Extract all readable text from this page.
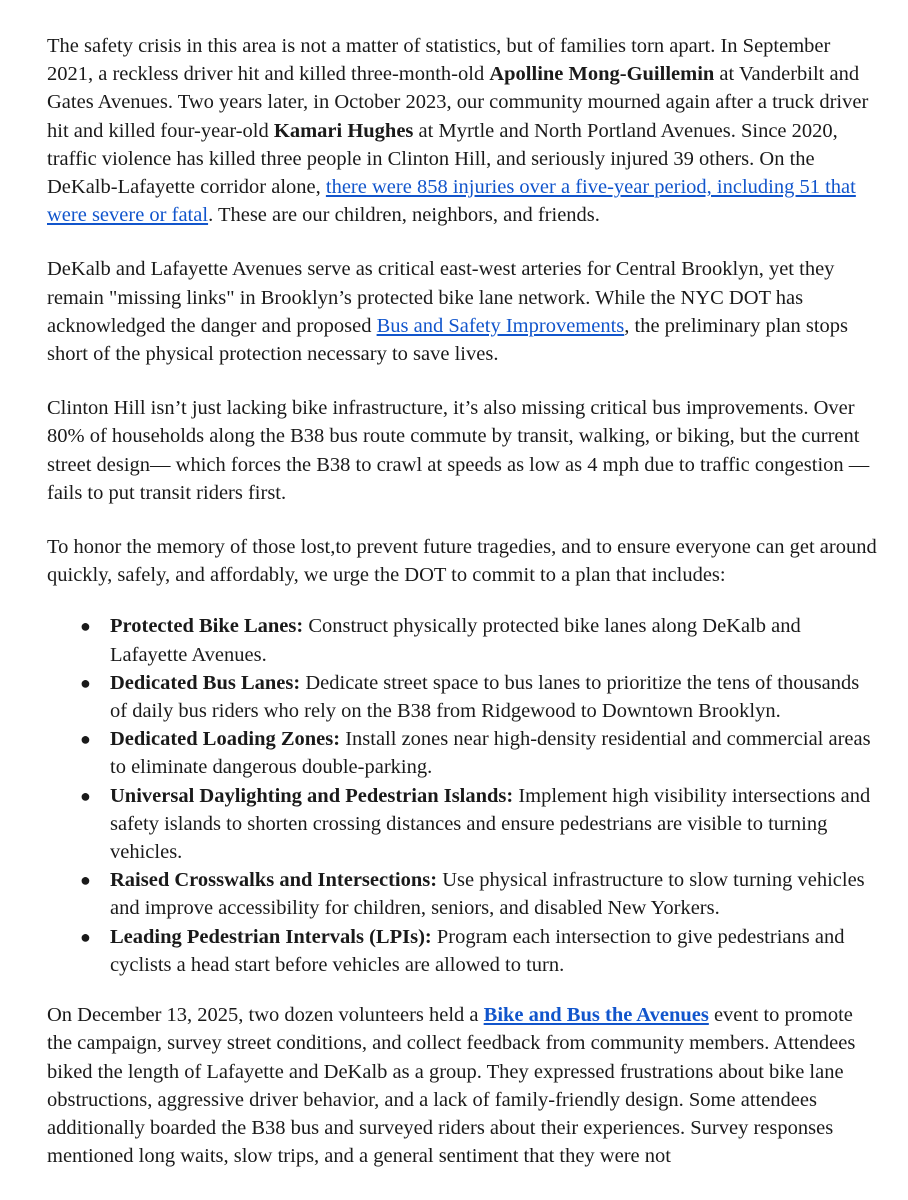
The safety crisis in this area is not a matter of statistics, but of families torn apart. In September 2021, a reckless driver hit and killed three-month-old Apolline Mong-Guillemin at Vanderbilt and Gates Avenues. Two years later, in October 2023, our community mourned again after a truck driver hit and killed four-year-old Kamari Hughes at Myrtle and North Portland Avenues. Since 2020, traffic violence has killed three people in Clinton Hill, and seriously injured 39 others. On the DeKalb-Lafayette corridor alone, there were 858 injuries over a five-year period, including 51 that were severe or fatal. These are our children, neighbors, and friends.

DeKalb and Lafayette Avenues serve as critical east-west arteries for Central Brooklyn, yet they remain "missing links" in Brooklyn’s protected bike lane network. While the NYC DOT has acknowledged the danger and proposed Bus and Safety Improvements, the preliminary plan stops short of the physical protection necessary to save lives.

Clinton Hill isn’t just lacking bike infrastructure, it’s also missing critical bus improvements. Over 80% of households along the B38 bus route commute by transit, walking, or biking, but the current street design— which forces the B38 to crawl at speeds as low as 4 mph due to traffic congestion — fails to put transit riders first.

To honor the memory of those lost,to prevent future tragedies, and to ensure everyone can get around quickly, safely, and affordably, we urge the DOT to commit to a plan that includes:

● Protected Bike Lanes: Construct physically protected bike lanes along DeKalb and Lafayette Avenues.
● Dedicated Bus Lanes: Dedicate street space to bus lanes to prioritize the tens of thousands of daily bus riders who rely on the B38 from Ridgewood to Downtown Brooklyn.
● Dedicated Loading Zones: Install zones near high-density residential and commercial areas to eliminate dangerous double-parking.
● Universal Daylighting and Pedestrian Islands: Implement high visibility intersections and safety islands to shorten crossing distances and ensure pedestrians are visible to turning vehicles.
● Raised Crosswalks and Intersections: Use physical infrastructure to slow turning vehicles and improve accessibility for children, seniors, and disabled New Yorkers.
● Leading Pedestrian Intervals (LPIs): Program each intersection to give pedestrians and cyclists a head start before vehicles are allowed to turn.

On December 13, 2025, two dozen volunteers held a Bike and Bus the Avenues event to promote the campaign, survey street conditions, and collect feedback from community members. Attendees biked the length of Lafayette and DeKalb as a group. They expressed frustrations about bike lane obstructions, aggressive driver behavior, and a lack of family-friendly design. Some attendees additionally boarded the B38 bus and surveyed riders about their experiences. Survey responses mentioned long waits, slow trips, and a general sentiment that they were not
